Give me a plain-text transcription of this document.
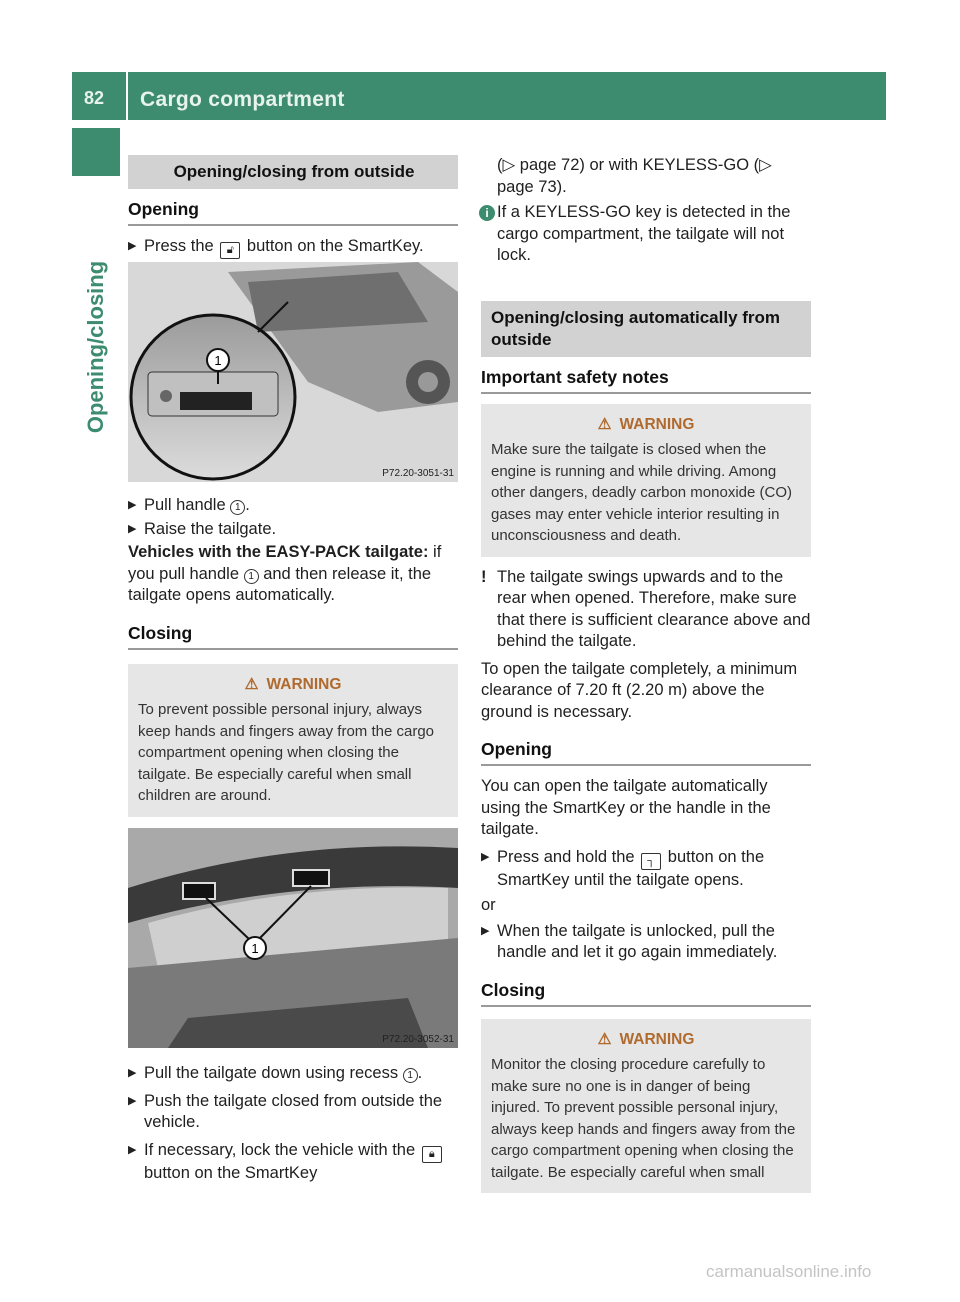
82 Cargo compartment
Opening/closing
Opening/closing from outside
Opening
▶ Press the 🔓︎ button on the SmartKey.
1
P72.20-3051-31
▶ Pull handle 1 .
▶ Raise the tailgate.
Vehicles with the EASY-PACK tailgate: if you pull handle 1 and then release it, the tailgate opens automatically.
Closing
⚠︎ WARNING
To prevent possible personal injury, always keep hands and fingers away from the cargo compartment opening when closing the tailgate. Be especially careful when small children are around.
1
P72.20-3052-31
▶ Pull the tailgate down using recess 1 .
▶ Push the tailgate closed from outside the vehicle.
▶ If necessary, lock the vehicle with the 🔒︎ button on the SmartKey
(▷ page 72) or with KEYLESS-GO (▷ page 73).
i If a KEYLESS-GO key is detected in the cargo compartment, the tailgate will not lock.
Opening/closing automatically from outside
Important safety notes
⚠︎ WARNING
Make sure the tailgate is closed when the engine is running and while driving. Among other dangers, deadly carbon monoxide (CO) gases may enter vehicle interior resulting in unconsciousness and death.
! The tailgate swings upwards and to the rear when opened. Therefore, make sure that there is sufficient clearance above and behind the tailgate.
To open the tailgate completely, a minimum clearance of 7.20 ft (2.20 m) above the ground is necessary.
Opening
You can open the tailgate automatically using the SmartKey or the handle in the tailgate.
▶ Press and hold the ┐ button on the SmartKey until the tailgate opens.
or
▶ When the tailgate is unlocked, pull the handle and let it go again immediately.
Closing
⚠︎ WARNING
Monitor the closing procedure carefully to make sure no one is in danger of being injured. To prevent possible personal injury, always keep hands and fingers away from the cargo compartment opening when closing the tailgate. Be especially careful when small
carmanualsonline.info
